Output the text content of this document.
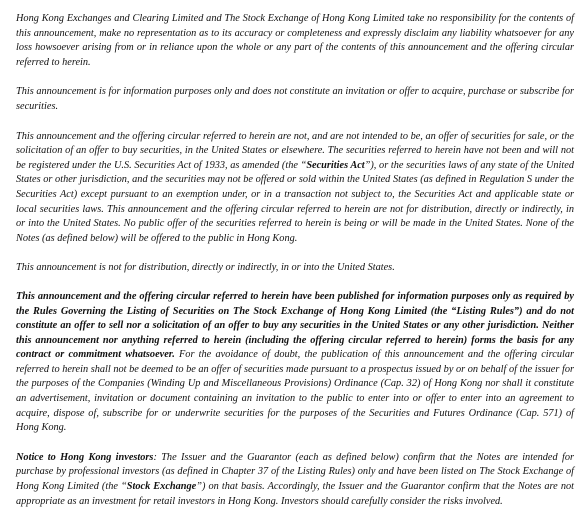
Hong Kong Exchanges and Clearing Limited and The Stock Exchange of Hong Kong Limited take no responsibility for the contents of this announcement, make no representation as to its accuracy or completeness and expressly disclaim any liability whatsoever for any loss howsoever arising from or in reliance upon the whole or any part of the contents of this announcement and the offering circular referred to herein.

This announcement is for information purposes only and does not constitute an invitation or offer to acquire, purchase or subscribe for securities.

This announcement and the offering circular referred to herein are not, and are not intended to be, an offer of securities for sale, or the solicitation of an offer to buy securities, in the United States or elsewhere. The securities referred to herein have not been and will not be registered under the U.S. Securities Act of 1933, as amended (the “Securities Act”), or the securities laws of any state of the United States or other jurisdiction, and the securities may not be offered or sold within the United States (as defined in Regulation S under the Securities Act) except pursuant to an exemption under, or in a transaction not subject to, the Securities Act and applicable state or local securities laws. This announcement and the offering circular referred to herein are not for distribution, directly or indirectly, in or into the United States. No public offer of the securities referred to herein is being or will be made in the United States. None of the Notes (as defined below) will be offered to the public in Hong Kong.

This announcement is not for distribution, directly or indirectly, in or into the United States.

This announcement and the offering circular referred to herein have been published for information purposes only as required by the Rules Governing the Listing of Securities on The Stock Exchange of Hong Kong Limited (the “Listing Rules”) and do not constitute an offer to sell nor a solicitation of an offer to buy any securities in the United States or any other jurisdiction. Neither this announcement nor anything referred to herein (including the offering circular referred to herein) forms the basis for any contract or commitment whatsoever. For the avoidance of doubt, the publication of this announcement and the offering circular referred to herein shall not be deemed to be an offer of securities made pursuant to a prospectus issued by or on behalf of the issuer for the purposes of the Companies (Winding Up and Miscellaneous Provisions) Ordinance (Cap. 32) of Hong Kong nor shall it constitute an advertisement, invitation or document containing an invitation to the public to enter into or offer to enter into an agreement to acquire, dispose of, subscribe for or underwrite securities for the purposes of the Securities and Futures Ordinance (Cap. 571) of Hong Kong.

Notice to Hong Kong investors: The Issuer and the Guarantor (each as defined below) confirm that the Notes are intended for purchase by professional investors (as defined in Chapter 37 of the Listing Rules) only and have been listed on The Stock Exchange of Hong Kong Limited (the “Stock Exchange”) on that basis. Accordingly, the Issuer and the Guarantor confirm that the Notes are not appropriate as an investment for retail investors in Hong Kong. Investors should carefully consider the risks involved.
